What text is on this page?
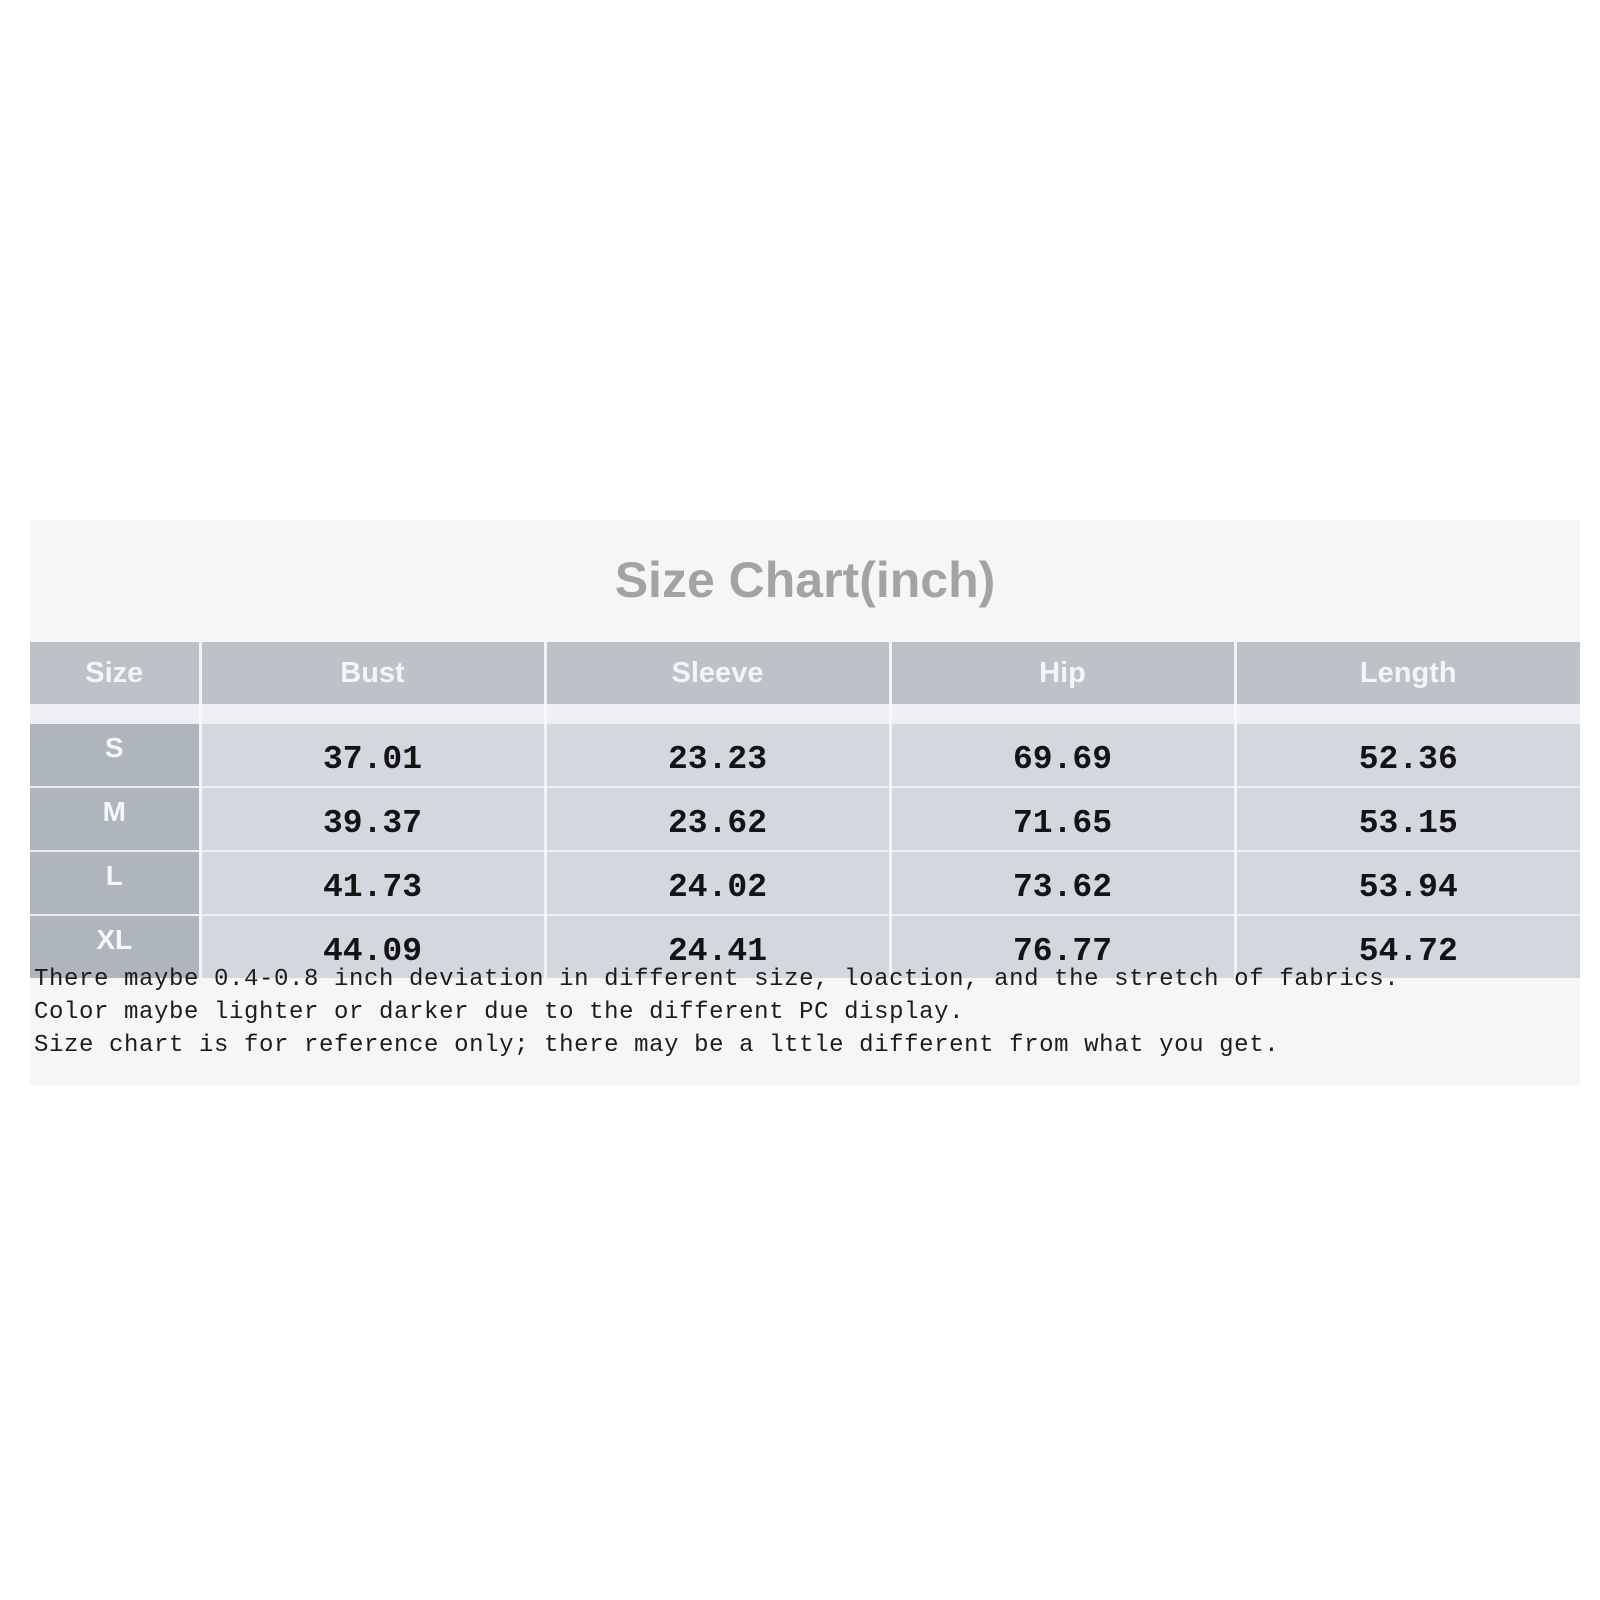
Size Chart(inch)
Size	Bust	Sleeve	Hip	Length

S	37.01	23.23	69.69	52.36
M	39.37	23.62	71.65	53.15
L	41.73	24.02	73.62	53.94
XL	44.09	24.41	76.77	54.72

There maybe 0.4-0.8 inch deviation in different size, loaction, and the stretch of fabrics.

Color maybe lighter or darker due to the different PC display.

Size chart is for reference only; there may be a lttle different from what you get.
